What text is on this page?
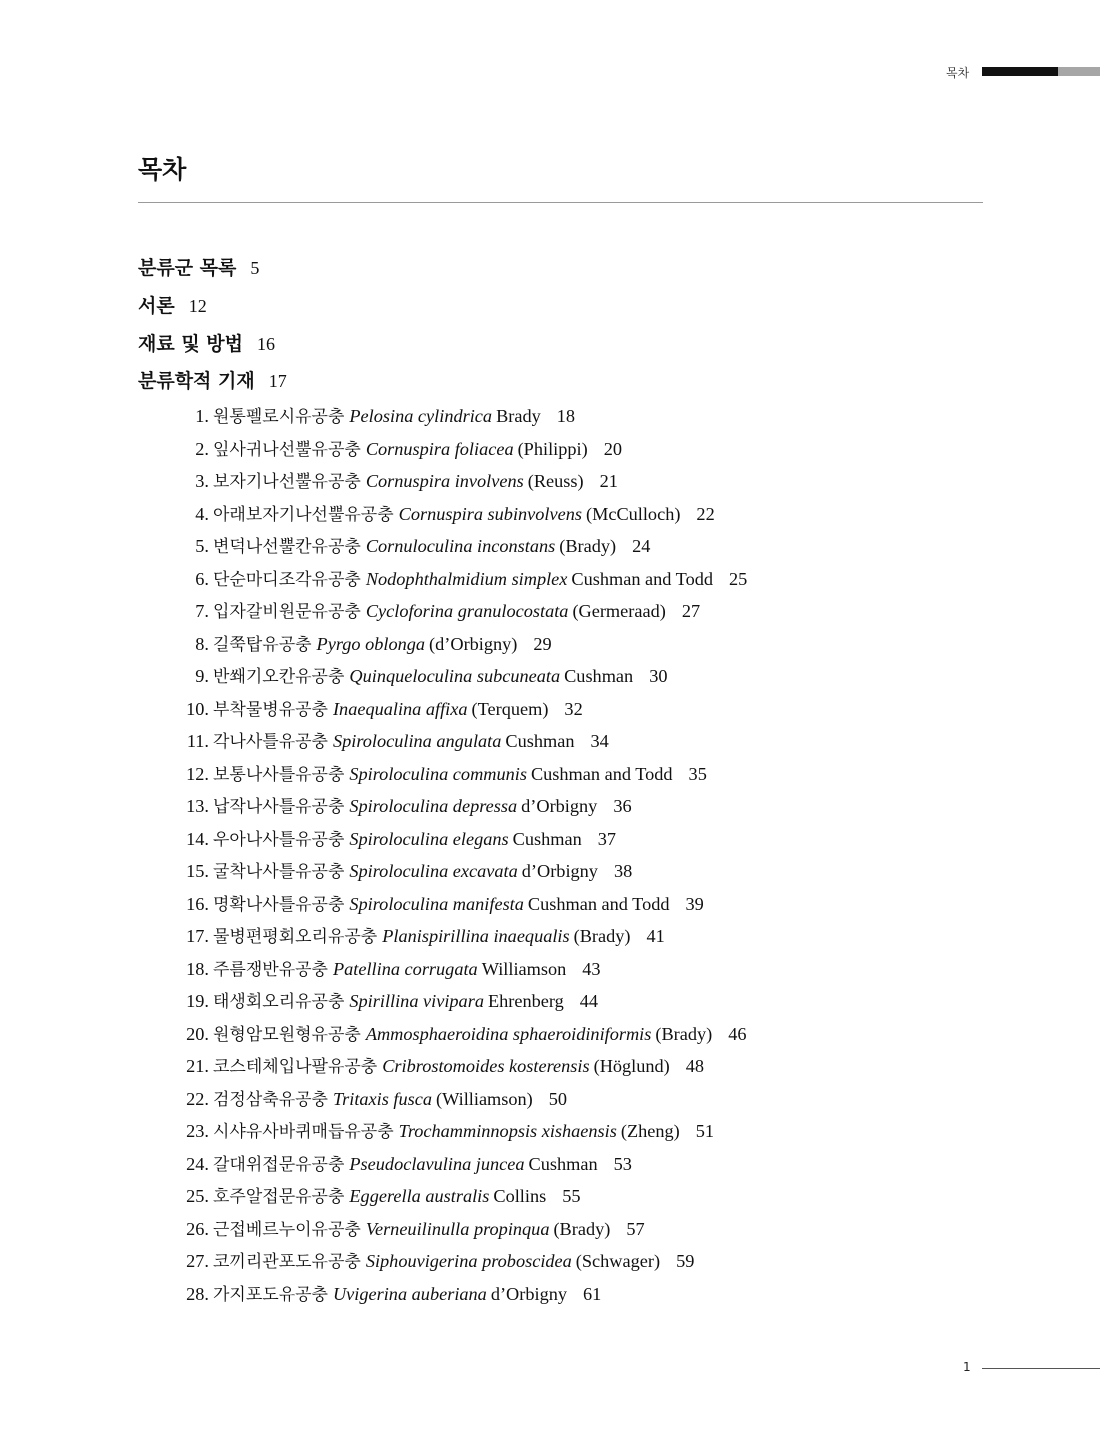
목차
목차
분류군 목록 5
서론 12
재료 및 방법 16
분류학적 기재 17
1. 원통펠로시유공충 Pelosina cylindrica Brady 18
2. 잎사귀나선뿔유공충 Cornuspira foliacea (Philippi) 20
3. 보자기나선뿔유공충 Cornuspira involvens (Reuss) 21
4. 아래보자기나선뿔유공충 Cornuspira subinvolvens (McCulloch) 22
5. 변덕나선뿔칸유공충 Cornuloculina inconstans (Brady) 24
6. 단순마디조각유공충 Nodophthalmidium simplex Cushman and Todd 25
7. 입자갈비원문유공충 Cycloforina granulocostata (Germeraad) 27
8. 길쭉탑유공충 Pyrgo oblonga (d’Orbigny) 29
9. 반쐐기오칸유공충 Quinqueloculina subcuneata Cushman 30
10. 부착물병유공충 Inaequalina affixa (Terquem) 32
11. 각나사틀유공충 Spiroloculina angulata Cushman 34
12. 보통나사틀유공충 Spiroloculina communis Cushman and Todd 35
13. 납작나사틀유공충 Spiroloculina depressa d’Orbigny 36
14. 우아나사틀유공충 Spiroloculina elegans Cushman 37
15. 굴착나사틀유공충 Spiroloculina excavata d’Orbigny 38
16. 명확나사틀유공충 Spiroloculina manifesta Cushman and Todd 39
17. 물병편평회오리유공충 Planispirillina inaequalis (Brady) 41
18. 주름쟁반유공충 Patellina corrugata Williamson 43
19. 태생회오리유공충 Spirillina vivipara Ehrenberg 44
20. 원형암모원형유공충 Ammosphaeroidina sphaeroidiniformis (Brady) 46
21. 코스테체입나팔유공충 Cribrostomoides kosterensis (Höglund) 48
22. 검정삼축유공충 Tritaxis fusca (Williamson) 50
23. 시샤유사바퀴매듭유공충 Trochamminnopsis xishaensis (Zheng) 51
24. 갈대위접문유공충 Pseudoclavulina juncea Cushman 53
25. 호주알접문유공충 Eggerella australis Collins 55
26. 근접베르누이유공충 Verneuilinulla propinqua (Brady) 57
27. 코끼리관포도유공충 Siphouvigerina proboscidea (Schwager) 59
28. 가지포도유공충 Uvigerina auberiana d’Orbigny 61
1
